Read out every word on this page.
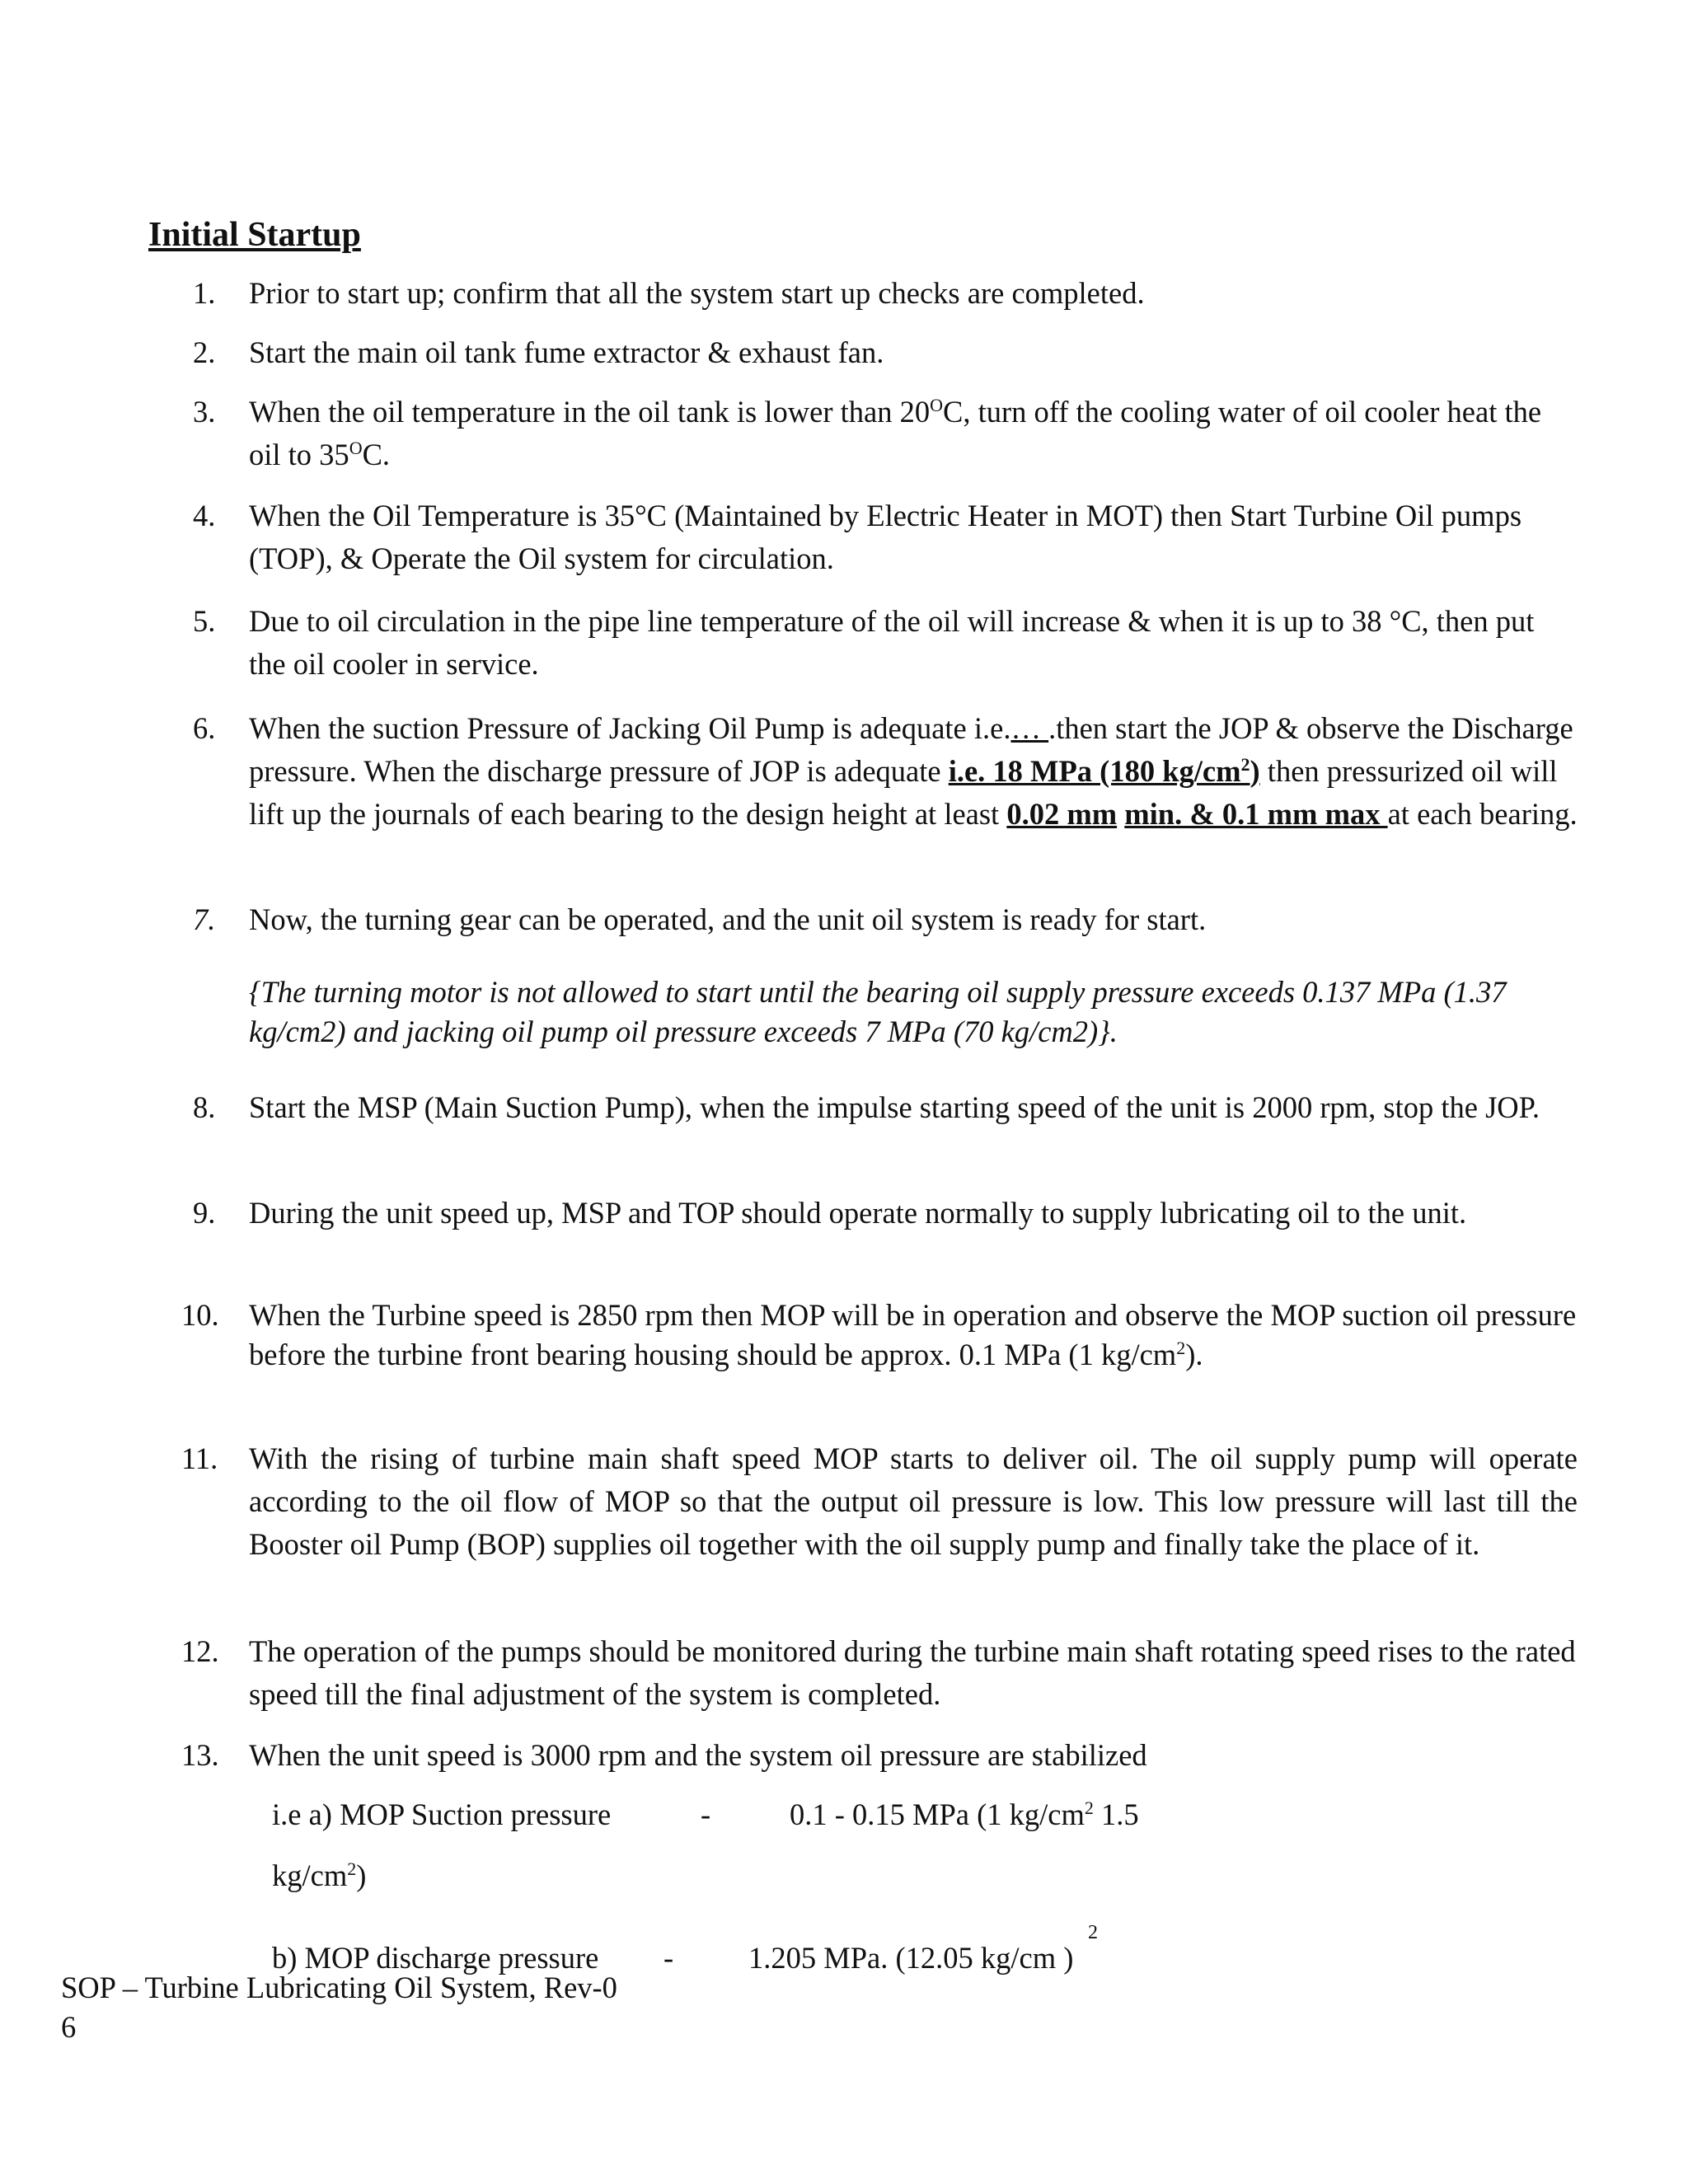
Initial Startup
1. Prior to start up; confirm that all the system start up checks are completed.
2. Start the main oil tank fume extractor & exhaust fan.
3. When the oil temperature in the oil tank is lower than $20^OC$, turn off the cooling water of oil cooler heat the oil to $35^OC$.
4. When the Oil Temperature is 35°C (Maintained by Electric Heater in MOT) then Start Turbine Oil pumps (TOP), & Operate the Oil system for circulation.
5. Due to oil circulation in the pipe line temperature of the oil will increase & when it is up to 38 °C, then put the oil cooler in service.
6. When the suction Pressure of Jacking Oil Pump is adequate i.e.… .then start the JOP & observe the Discharge pressure. When the discharge pressure of JOP is adequate i.e. 18 MPa (180 $kg/cm^2$) then pressurized oil will lift up the journals of each bearing to the design height at least 0.02 mm min. & 0.1 mm max at each bearing.
7. Now, the turning gear can be operated, and the unit oil system is ready for start.
{The turning motor is not allowed to start until the bearing oil supply pressure exceeds 0.137 MPa (1.37 kg/cm2) and jacking oil pump oil pressure exceeds 7 MPa (70 kg/cm2)}.
8. Start the MSP (Main Suction Pump), when the impulse starting speed of the unit is 2000 rpm, stop the JOP.
9. During the unit speed up, MSP and TOP should operate normally to supply lubricating oil to the unit.
10. When the Turbine speed is 2850 rpm then MOP will be in operation and observe the MOP suction oil pressure before the turbine front bearing housing should be approx. 0.1 MPa (1 $kg/cm^2$).
11. With the rising of turbine main shaft speed MOP starts to deliver oil. The oil supply pump will operate according to the oil flow of MOP so that the output oil pressure is low. This low pressure will last till the Booster oil Pump (BOP) supplies oil together with the oil supply pump and finally take the place of it.
12. The operation of the pumps should be monitored during the turbine main shaft rotating speed rises to the rated speed till the final adjustment of the system is completed.
13. When the unit speed is 3000 rpm and the system oil pressure are stabilized
i.e a) MOP Suction pressure	-	0.1 - 0.15 MPa (1 $kg/cm^2$ 1.5
$kg/cm^2$)
2
b) MOP discharge pressure - 1.205 MPa. (12.05 kg/cm )
SOP – Turbine Lubricating Oil System, Rev-0
6
